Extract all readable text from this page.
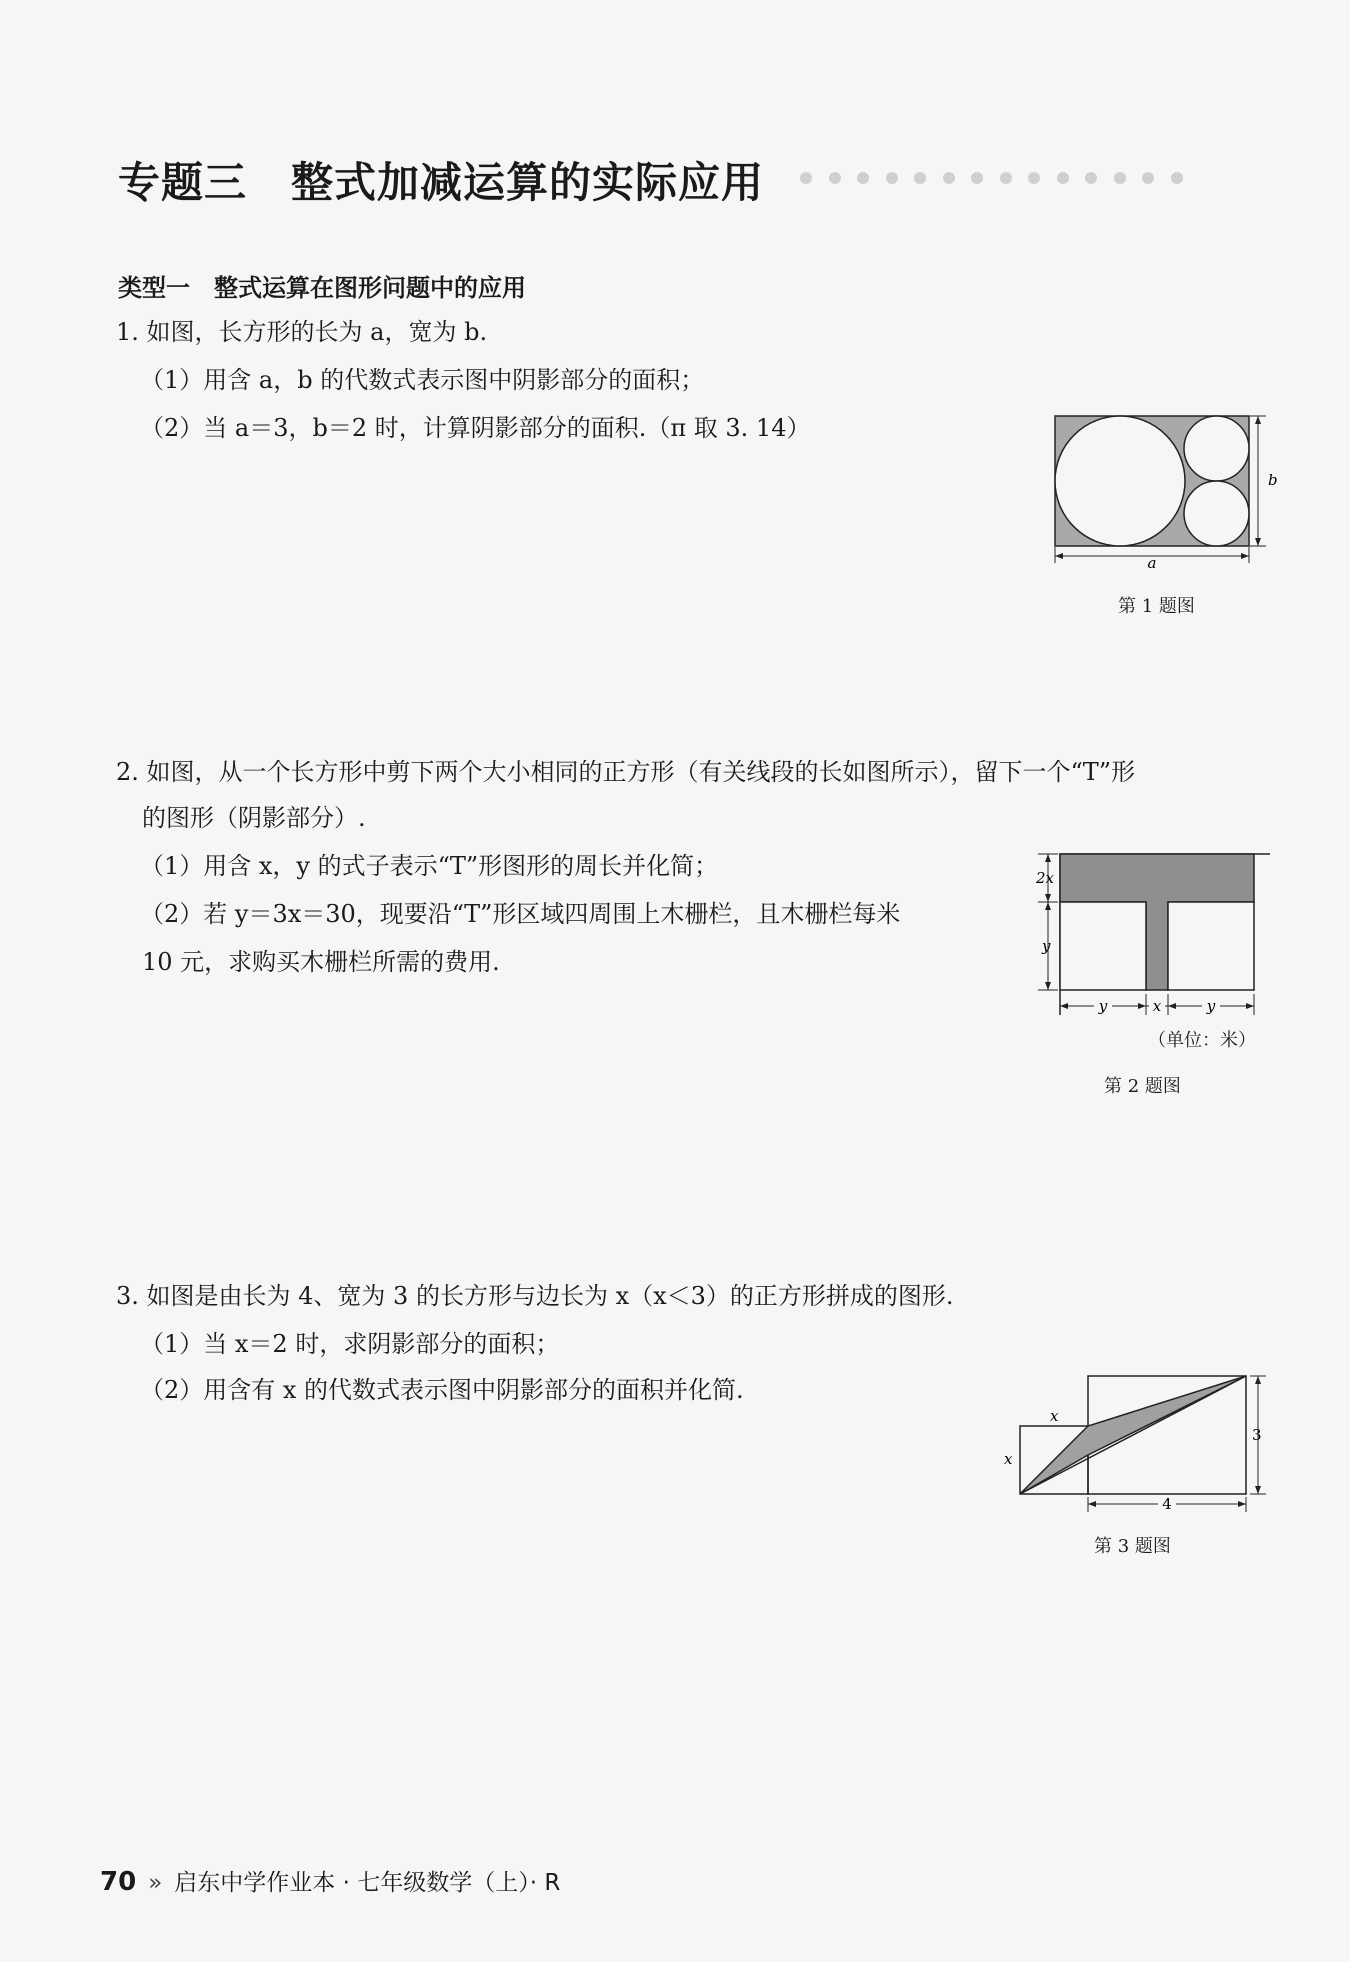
专题三 整式加减运算的实际应用
类型一 整式运算在图形问题中的应用
1. 如图，长方形的长为 a，宽为 b.
（1）用含 a，b 的代数式表示图中阴影部分的面积；
（2）当 a＝3，b＝2 时，计算阴影部分的面积.（π 取 3. 14）
a
b
第 1 题图
2. 如图，从一个长方形中剪下两个大小相同的正方形（有关线段的长如图所示），留下一个“T”形
的图形（阴影部分）.
（1）用含 x，y 的式子表示“T”形图形的周长并化简；
（2）若 y＝3x＝30，现要沿“T”形区域四周围上木栅栏，且木栅栏每米
10 元，求购买木栅栏所需的费用.
2x
y
y	x	y
（单位：米）
第 2 题图
3. 如图是由长为 4、宽为 3 的长方形与边长为 x（x＜3）的正方形拼成的图形.
（1）当 x＝2 时，求阴影部分的面积；
（2）用含有 x 的代数式表示图中阴影部分的面积并化简.
4
3
x
x
第 3 题图
70 » 启东中学作业本 · 七年级数学（上）· R
